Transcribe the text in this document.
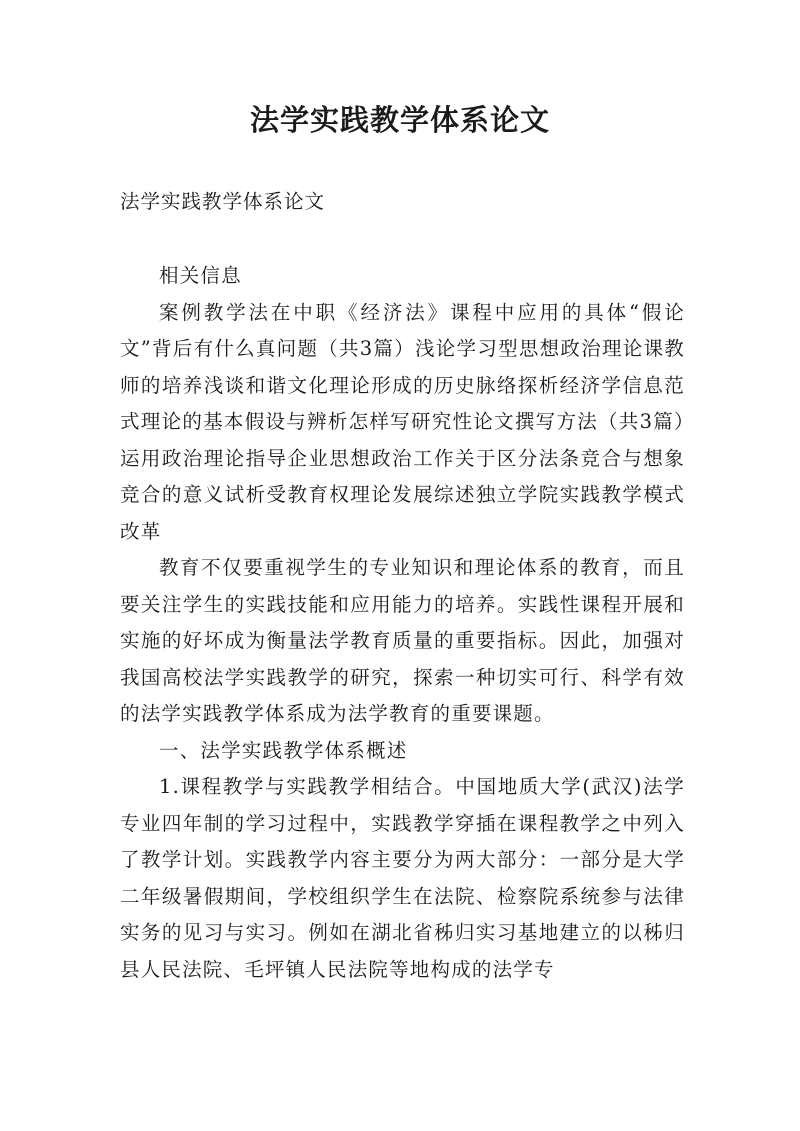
法学实践教学体系论文

法学实践教学体系论文

相关信息

案例教学法在中职《经济法》课程中应用的具体“假论文”背后有什么真问题（共3篇）浅论学习型思想政治理论课教师的培养浅谈和谐文化理论形成的历史脉络探析经济学信息范式理论的基本假设与辨析怎样写研究性论文撰写方法（共3篇）运用政治理论指导企业思想政治工作关于区分法条竞合与想象竞合的意义试析受教育权理论发展综述独立学院实践教学模式改革

教育不仅要重视学生的专业知识和理论体系的教育，而且要关注学生的实践技能和应用能力的培养。实践性课程开展和实施的好坏成为衡量法学教育质量的重要指标。因此，加强对我国高校法学实践教学的研究，探索一种切实可行、科学有效的法学实践教学体系成为法学教育的重要课题。

一、法学实践教学体系概述

1.课程教学与实践教学相结合。中国地质大学(武汉)法学专业四年制的学习过程中，实践教学穿插在课程教学之中列入了教学计划。实践教学内容主要分为两大部分：一部分是大学二年级暑假期间，学校组织学生在法院、检察院系统参与法律实务的见习与实习。例如在湖北省秭归实习基地建立的以秭归县人民法院、毛坪镇人民法院等地构成的法学专
